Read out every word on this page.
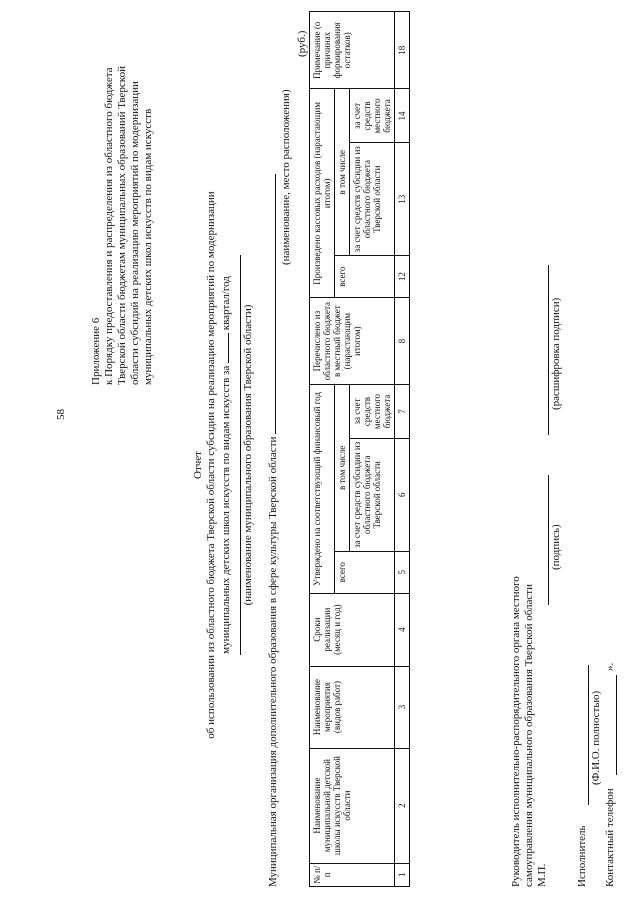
58
Приложение 6 к Порядку предоставления и распределения из областного бюджета Тверской области бюджетам муниципальных образований Тверской области субсидий на реализацию мероприятий по модернизации муниципальных детских школ искусств по видам искусств
Отчет об использовании из областного бюджета Тверской области субсидии на реализацию мероприятий по модернизации муниципальных детских школ искусств по видам искусств за  квартал/год
(наименование муниципального образования Тверской области) Муниципальная организация дополнительного образования в сфере культуры Тверской области
(наименование, место расположения)
(руб.)
№ п/п	Наименование муниципальной детской школы искусств Тверской области	Наименование мероприятия (видов работ)	Сроки реализации (месяц и год)	Утверждено на соответствующий финансовый год			Перечислено из областного бюджета в местный бюджет (нарастающим итогом)	Произведено кассовых расходов (нарастающим итогом)			Примечание (о причинах формирования остатков)
				всего	в том числе			всего	в том числе		
					за счет средств субсидии из областного бюджета Тверской области	за счет средств местного бюджета			за счет средств субсидии из областного бюджета Тверской области	за счет средств местного бюджета	
1	2	3	4	5	6	7	8	12	13	14	18
Руководитель исполнительно-распорядительного органа местного самоуправления муниципального образования Тверской области М.П.
(подпись)
(расшифровка подписи)
Исполнитель
(Ф.И.О. полностью)
Контактный телефон
».
